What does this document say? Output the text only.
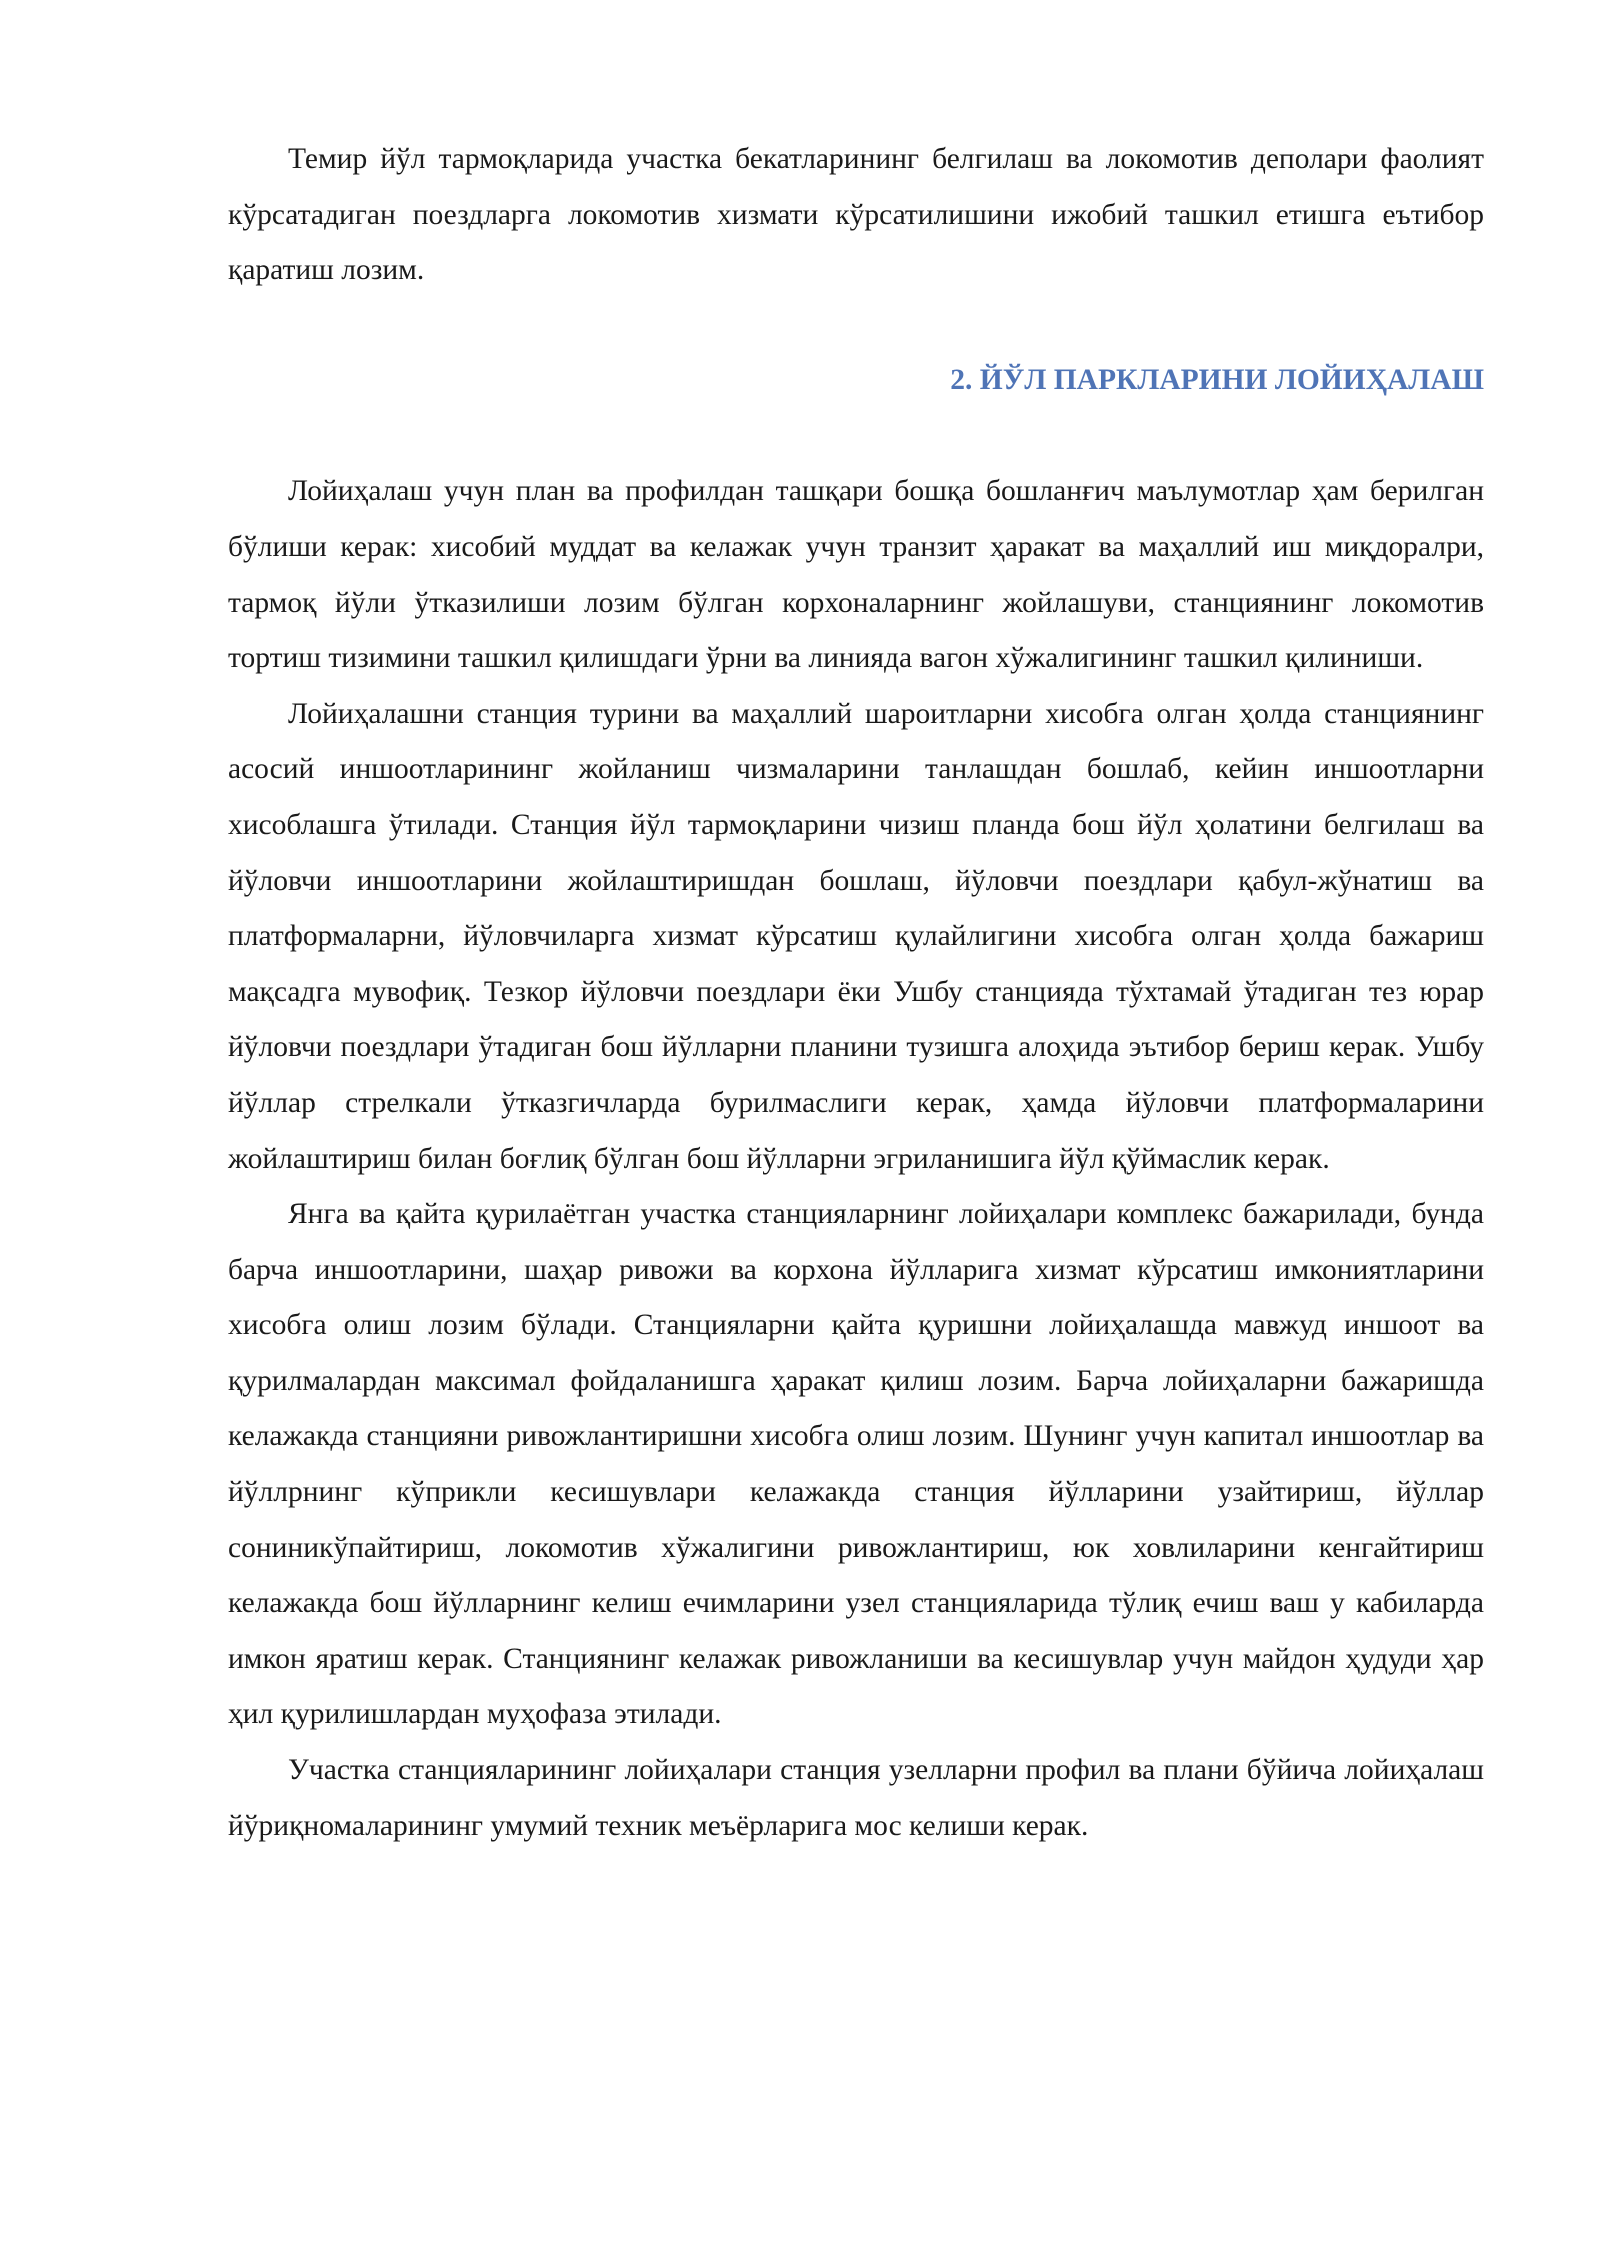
Темир йўл тармоқларида участка бекатларининг белгилаш ва локомотив деполари фаолият кўрсатадиган поездларга локомотив хизмати кўрсатилишини ижобий ташкил етишга еътибор қаратиш лозим.

2. ЙЎЛ ПАРКЛАРИНИ ЛОЙИҲАЛАШ

Лойиҳалаш учун план ва профилдан ташқари бошқа бошланғич маълумотлар ҳам берилган бўлиши керак: хисобий муддат ва келажак учун транзит ҳаракат ва маҳаллий иш миқдоралри, тармоқ йўли ўтказилиши лозим бўлган корхоналарнинг жойлашуви, станциянинг локомотив тортиш тизимини ташкил қилишдаги ўрни ва линияда вагон хўжалигининг ташкил қилиниши.

Лойиҳалашни станция турини ва маҳаллий шароитларни хисобга олган ҳолда станциянинг асосий иншоотларининг жойланиш чизмаларини танлашдан бошлаб, кейин иншоотларни хисоблашга ўтилади. Станция йўл тармоқларини чизиш планда бош йўл ҳолатини белгилаш ва йўловчи иншоотларини жойлаштиришдан бошлаш, йўловчи поездлари қабул-жўнатиш ва платформаларни, йўловчиларга хизмат кўрсатиш қулайлигини хисобга олган ҳолда бажариш мақсадга мувофиқ. Тезкор йўловчи поездлари ёки Ушбу станцияда тўхтамай ўтадиган тез юрар йўловчи поездлари ўтадиган бош йўлларни планини тузишга алоҳида эътибор бериш керак. Ушбу йўллар стрелкали ўтказгичларда бурилмаслиги керак, ҳамда йўловчи платформаларини жойлаштириш билан боғлиқ бўлган бош йўлларни эгриланишига йўл қўймаслик керак.

Янга ва қайта қурилаётган участка станцияларнинг лойиҳалари комплекс бажарилади, бунда барча иншоотларини, шаҳар ривожи ва корхона йўлларига хизмат кўрсатиш имкониятларини хисобга олиш лозим бўлади. Станцияларни қайта қуришни лойиҳалашда мавжуд иншоот ва қурилмалардан максимал фойдаланишга ҳаракат қилиш лозим. Барча лойиҳаларни бажаришда келажакда станцияни ривожлантиришни хисобга олиш лозим. Шунинг учун капитал иншоотлар ва йўллрнинг кўприкли кесишувлари келажакда станция йўлларини узайтириш, йўллар сониникўпайтириш, локомотив хўжалигини ривожлантириш, юк ховлиларини кенгайтириш келажакда бош йўлларнинг келиш ечимларини узел станцияларида тўлиқ ечиш ваш у кабиларда имкон яратиш керак. Станциянинг келажак ривожланиши ва кесишувлар учун майдон ҳудуди ҳар ҳил қурилишлардан муҳофаза этилади.

Участка станцияларининг лойиҳалари станция узелларни профил ва плани бўйича лойиҳалаш йўриқномаларининг умумий техник меъёрларига мос келиши керак.
